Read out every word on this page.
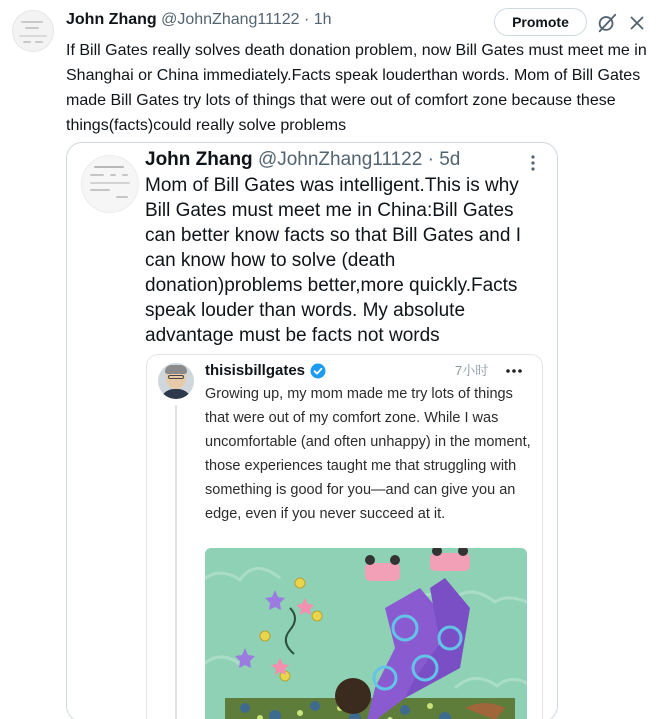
John Zhang @JohnZhang11122 · 1h	Promote
If Bill Gates really solves death donation problem, now Bill Gates must meet me in Shanghai or China immediately.Facts speak louderthan words. Mom of Bill Gates made Bill Gates try lots of things that were out of comfort zone because these things(facts)could really solve problems
John Zhang @JohnZhang11122 · 5d
Mom of Bill Gates was intelligent.This is why Bill Gates must meet me in China:Bill Gates can better know facts so that Bill Gates and I can know how to solve (death donation)problems better,more quickly.Facts speak louder than words. My absolute advantage must be facts not words
thisisbillgates	7小时
Growing up, my mom made me try lots of things that were out of my comfort zone. While I was uncomfortable (and often unhappy) in the moment, those experiences taught me that struggling with something is good for you—and can give you an edge, even if you never succeed at it.
